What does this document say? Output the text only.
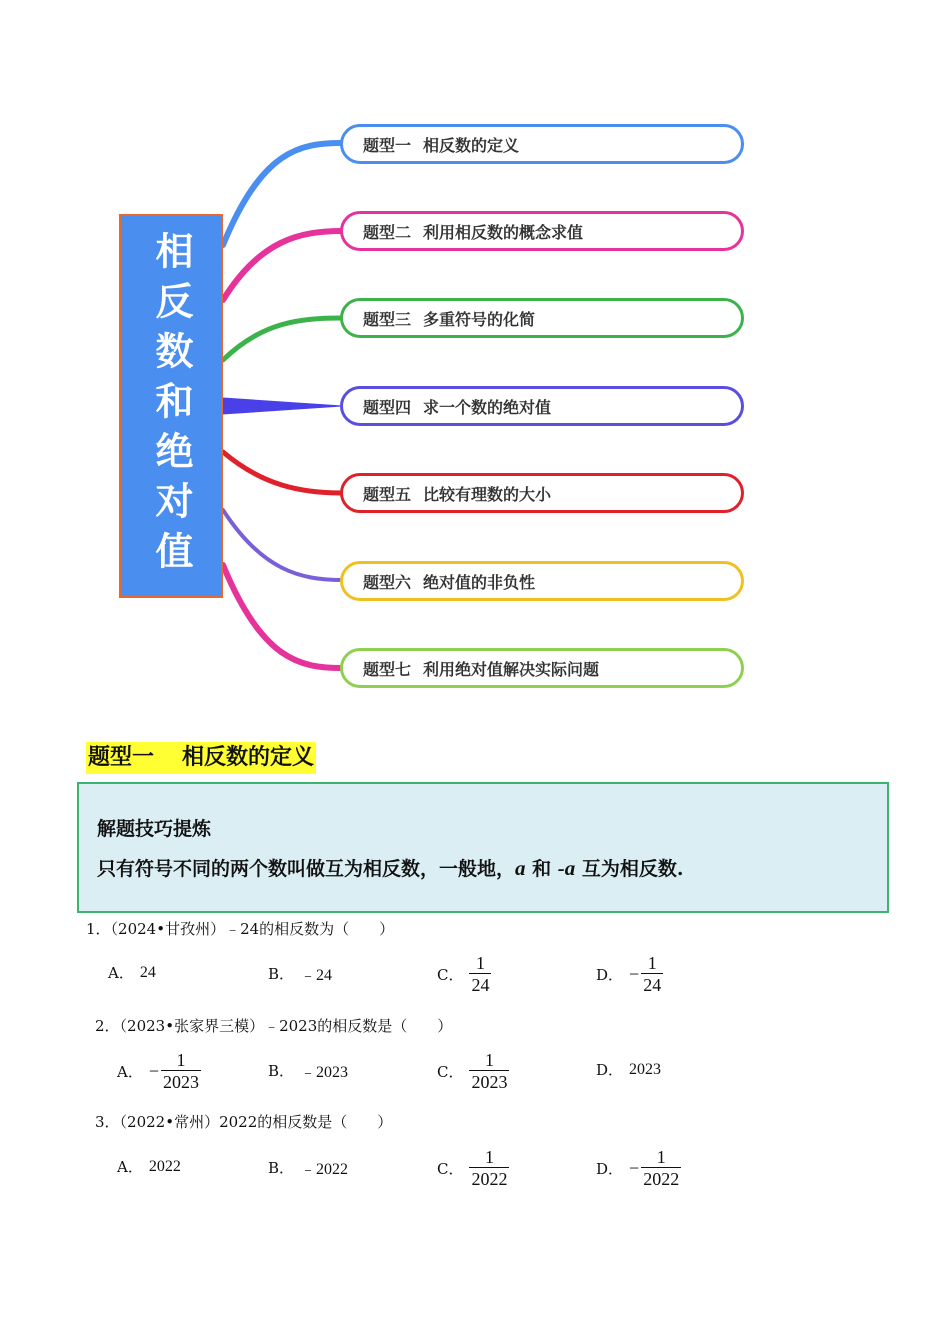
相反数和绝对值
题型一 相反数的定义
题型二 利用相反数的概念求值
题型三 多重符号的化简
题型四 求一个数的绝对值
题型五 比较有理数的大小
题型六 绝对值的非负性
题型七 利用绝对值解决实际问题
题型一 相反数的定义
解题技巧提炼
只有符号不同的两个数叫做互为相反数，一般地，a 和 -a 互为相反数.
1．（2024•甘孜州）﹣24的相反数为（　　）
A． 24	B． ﹣24	C． $\frac{1}{24}$	D． − $\frac{1}{24}$
2．（2023•张家界三模）﹣2023的相反数是（　　）
A． − $\frac{1}{2023}$	B． ﹣2023	C． $\frac{1}{2023}$	D． 2023
3．（2022•常州）2022的相反数是（　　）
A． 2022	B． ﹣2022	C． $\frac{1}{2022}$	D． − $\frac{1}{2022}$
